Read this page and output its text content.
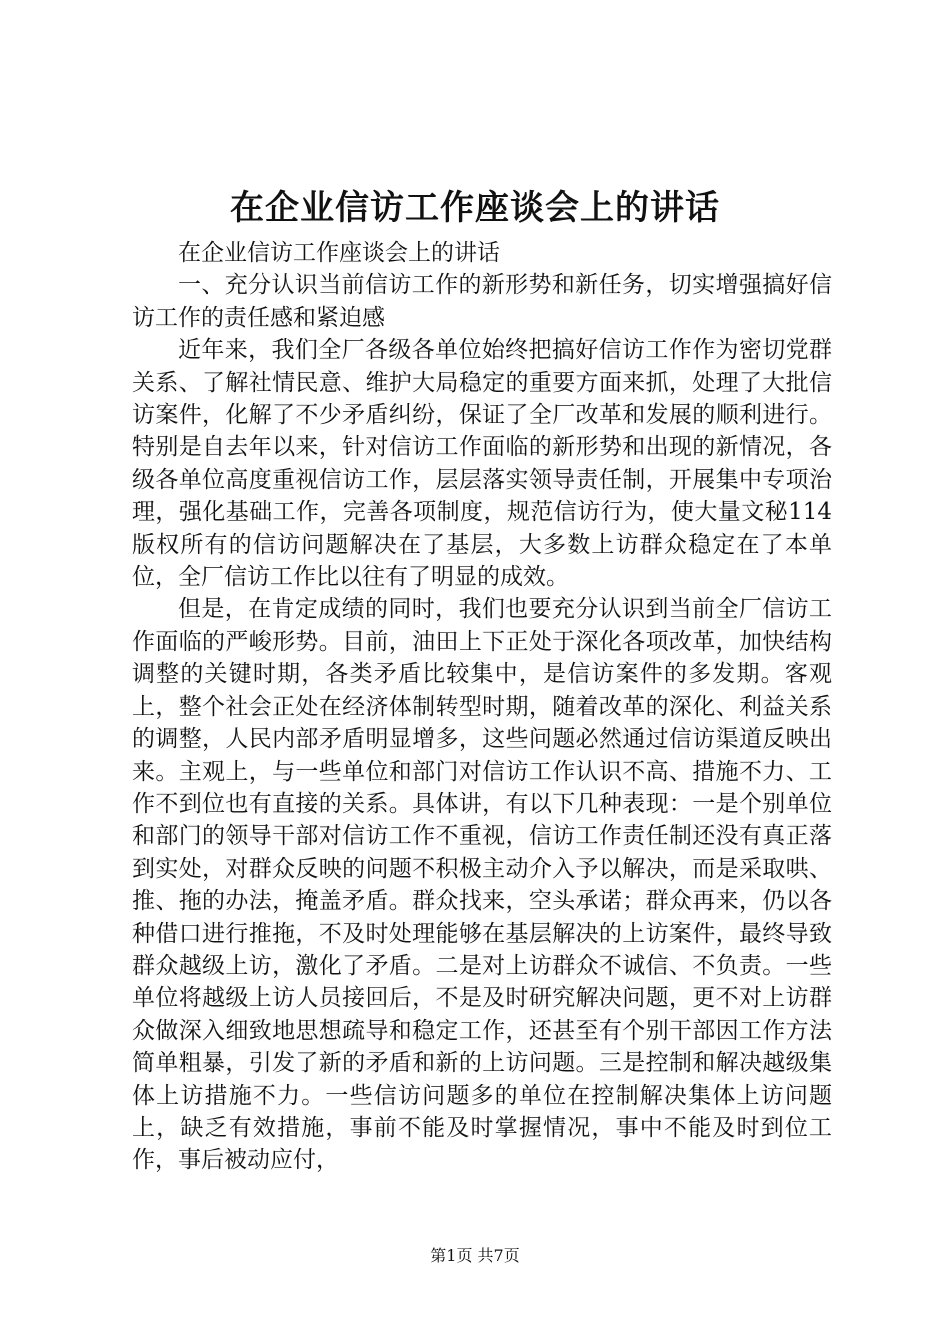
在企业信访工作座谈会上的讲话

在企业信访工作座谈会上的讲话

一、充分认识当前信访工作的新形势和新任务，切实增强搞好信访工作的责任感和紧迫感

近年来，我们全厂各级各单位始终把搞好信访工作作为密切党群关系、了解社情民意、维护大局稳定的重要方面来抓，处理了大批信访案件，化解了不少矛盾纠纷，保证了全厂改革和发展的顺利进行。特别是自去年以来，针对信访工作面临的新形势和出现的新情况，各级各单位高度重视信访工作，层层落实领导责任制，开展集中专项治理，强化基础工作，完善各项制度，规范信访行为，使大量文秘114版权所有的信访问题解决在了基层，大多数上访群众稳定在了本单位，全厂信访工作比以往有了明显的成效。

但是，在肯定成绩的同时，我们也要充分认识到当前全厂信访工作面临的严峻形势。目前，油田上下正处于深化各项改革，加快结构调整的关键时期，各类矛盾比较集中，是信访案件的多发期。客观上，整个社会正处在经济体制转型时期，随着改革的深化、利益关系的调整，人民内部矛盾明显增多，这些问题必然通过信访渠道反映出来。主观上，与一些单位和部门对信访工作认识不高、措施不力、工作不到位也有直接的关系。具体讲，有以下几种表现：一是个别单位和部门的领导干部对信访工作不重视，信访工作责任制还没有真正落到实处，对群众反映的问题不积极主动介入予以解决，而是采取哄、推、拖的办法，掩盖矛盾。群众找来，空头承诺；群众再来，仍以各种借口进行推拖，不及时处理能够在基层解决的上访案件，最终导致群众越级上访，激化了矛盾。二是对上访群众不诚信、不负责。一些单位将越级上访人员接回后，不是及时研究解决问题，更不对上访群众做深入细致地思想疏导和稳定工作，还甚至有个别干部因工作方法简单粗暴，引发了新的矛盾和新的上访问题。三是控制和解决越级集体上访措施不力。一些信访问题多的单位在控制解决集体上访问题上，缺乏有效措施，事前不能及时掌握情况，事中不能及时到位工作，事后被动应付，

第1页 共7页
